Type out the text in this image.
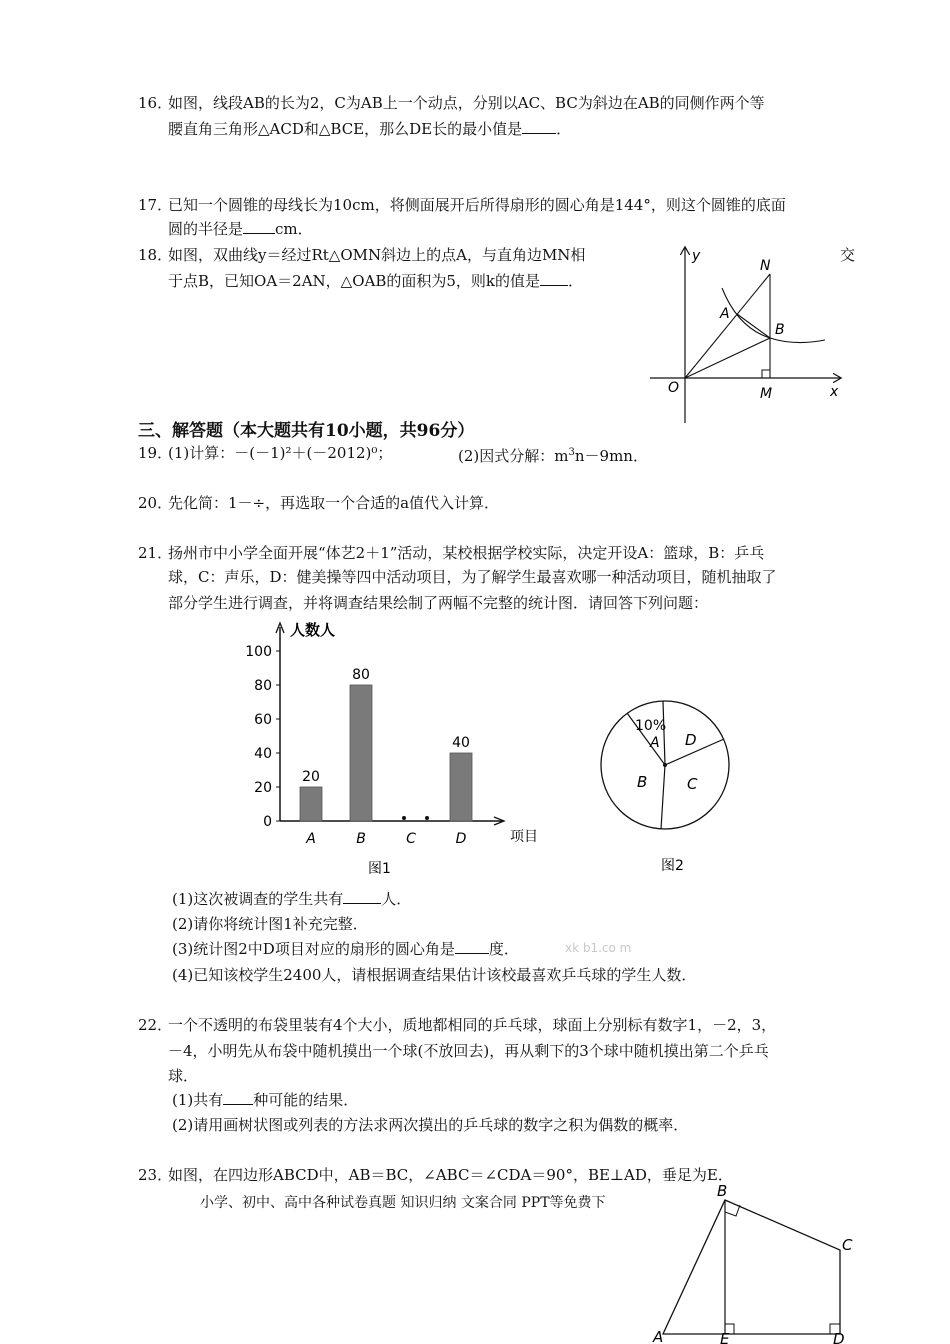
16．如图，线段AB的长为2，C为AB上一个动点，分别以AC、BC为斜边在AB的同侧作两个等
腰直角三角形△ACD和△BCE，那么DE长的最小值是 ．
17．已知一个圆锥的母线长为10cm，将侧面展开后所得扇形的圆心角是144°，则这个圆锥的底面
圆的半径是 cm．
18．如图，双曲线y＝经过Rt△OMN斜边上的点A，与直角边MN相	交
于点B，已知OA＝2AN，△OAB的面积为5，则k的值是 ．
y
x
O	M
N
A
B
三、解答题（本大题共有10小题，共96分）
19．(1)计算：－(－1)²＋(－2012)⁰；	(2)因式分解：$m^3n-9mn$．
20．先化简：1－÷，再选取一个合适的a值代入计算．
21．扬州市中小学全面开展“体艺2＋1”活动，某校根据学校实际，决定开设A：篮球，B：乒乓
球，C：声乐，D：健美操等四中活动项目，为了解学生最喜欢哪一种活动项目，随机抽取了
部分学生进行调查，并将调查结果绘制了两幅不完整的统计图．请回答下列问题：
0
20
40
60
80
100
20
A
80
B	C
40
D
人数人
项目
图1
10%
A D
B	C
图2
(1)这次被调查的学生共有	人．
(2)请你将统计图1补充完整．
(3)统计图2中D项目对应的扇形的圆心角是 度．	xk b1.co m
(4)已知该校学生2400人，请根据调查结果估计该校最喜欢乒乓球的学生人数．
22．一个不透明的布袋里装有4个大小，质地都相同的乒乓球，球面上分别标有数字1，－2，3，
－4，小明先从布袋中随机摸出一个球(不放回去)，再从剩下的3个球中随机摸出第二个乒乓
球．
(1)共有 种可能的结果．
(2)请用画树状图或列表的方法求两次摸出的乒乓球的数字之积为偶数的概率．
23．如图，在四边形ABCD中，AB＝BC，∠ABC＝∠CDA＝90°，BE⊥AD，垂足为E．
小学、初中、高中各种试卷真题 知识归纳 文案合同 PPT等免费下
B
C
A	E	D
